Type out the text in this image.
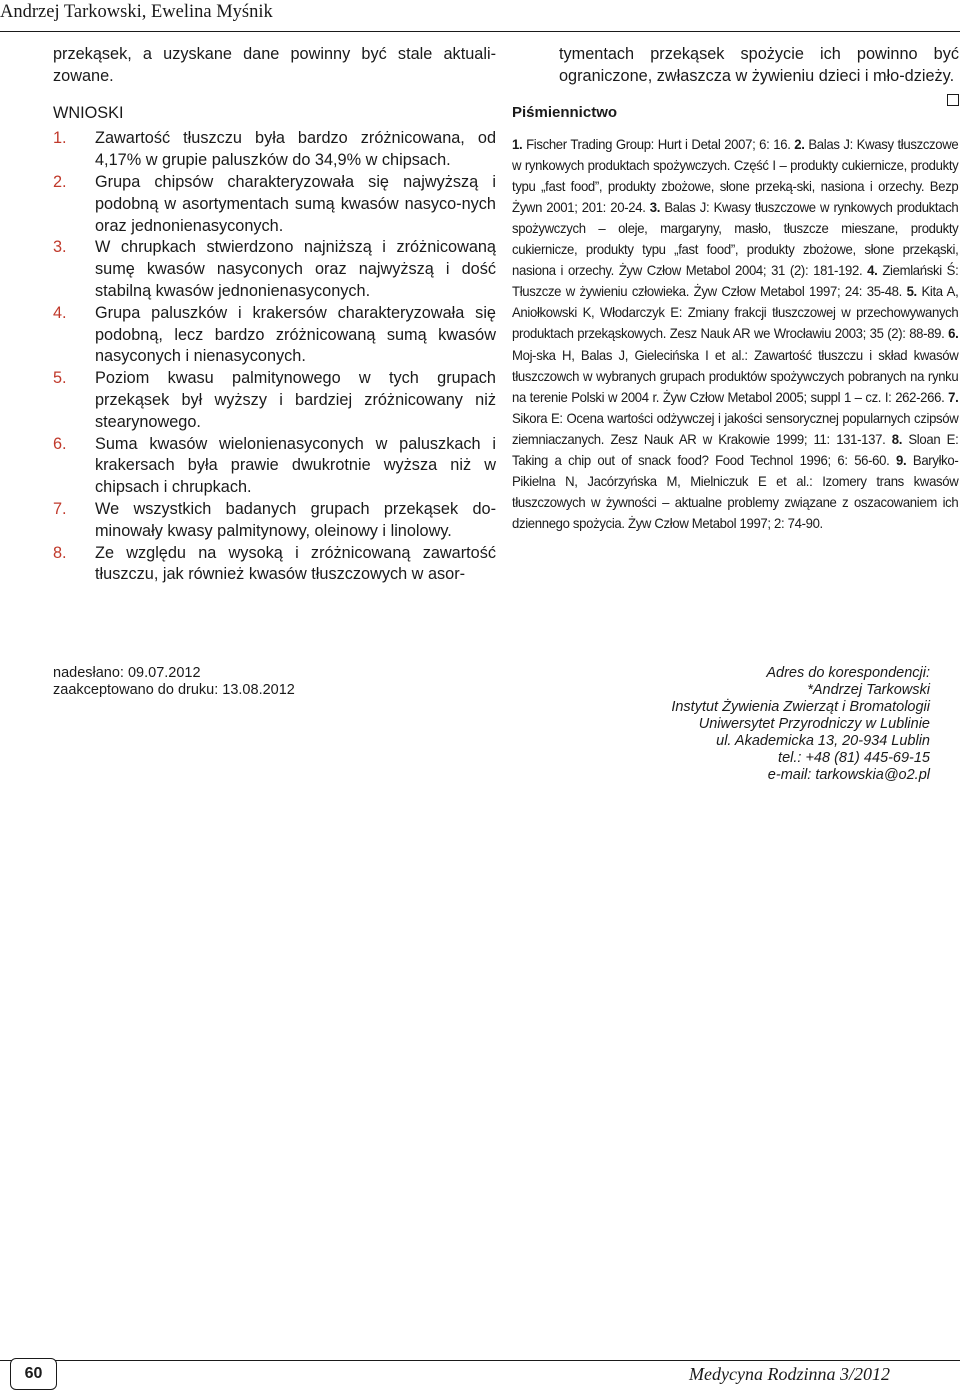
Andrzej Tarkowski, Ewelina Myśnik

przekąsek, a uzyskane dane powinny być stale aktuali-zowane.

WNIOSKI

1. Zawartość tłuszczu była bardzo zróżnicowana, od 4,17% w grupie paluszków do 34,9% w chipsach.
2. Grupa chipsów charakteryzowała się najwyższą i podobną w asortymentach sumą kwasów nasyco-nych oraz jednonienasyconych.
3. W chrupkach stwierdzono najniższą i zróżnicowaną sumę kwasów nasyconych oraz najwyższą i dość stabilną kwasów jednonienasyconych.
4. Grupa paluszków i krakersów charakteryzowała się podobną, lecz bardzo zróżnicowaną sumą kwasów nasyconych i nienasyconych.
5. Poziom kwasu palmitynowego w tych grupach przekąsek był wyższy i bardziej zróżnicowany niż stearynowego.
6. Suma kwasów wielonienasyconych w paluszkach i krakersach była prawie dwukrotnie wyższa niż w chipsach i chrupkach.
7. We wszystkich badanych grupach przekąsek do-minowały kwasy palmitynowy, oleinowy i linolowy.
8. Ze względu na wysoką i zróżnicowaną zawartość tłuszczu, jak również kwasów tłuszczowych w asor-

tymentach przekąsek spożycie ich powinno być ograniczone, zwłaszcza w żywieniu dzieci i mło-dzieży.

Piśmiennictwo
1. Fischer Trading Group: Hurt i Detal 2007; 6: 16. 2. Balas J: Kwasy tłuszczowe w rynkowych produktach spożywczych. Część I – produkty cukiernicze, produkty typu „fast food”, produkty zbożowe, słone przeką-ski, nasiona i orzechy. Bezp Żywn 2001; 201: 20-24. 3. Balas J: Kwasy tłuszczowe w rynkowych produktach spożywczych – oleje, margaryny, masło, tłuszcze mieszane, produkty cukiernicze, produkty typu „fast food”, produkty zbożowe, słone przekąski, nasiona i orzechy. Żyw Człow Metabol 2004; 31 (2): 181-192. 4. Ziemlański Ś: Tłuszcze w żywieniu człowieka. Żyw Człow Metabol 1997; 24: 35-48. 5. Kita A, Aniołkowski K, Włodarczyk E: Zmiany frakcji tłuszczowej w przechowywanych produktach przekąskowych. Zesz Nauk AR we Wrocławiu 2003; 35 (2): 88-89. 6. Moj-ska H, Balas J, Gielecińska I et al.: Zawartość tłuszczu i skład kwasów tłuszczowch w wybranych grupach produktów spożywczych pobranych na rynku na terenie Polski w 2004 r. Żyw Człow Metabol 2005; suppl 1 – cz. I: 262-266. 7. Sikora E: Ocena wartości odżywczej i jakości sensorycznej popularnych czipsów ziemniaczanych. Zesz Nauk AR w Krakowie 1999; 11: 131-137. 8. Sloan E: Taking a chip out of snack food? Food Technol 1996; 6: 56-60. 9. Baryłko-Pikielna N, Jacórzyńska M, Mielniczuk E et al.: Izomery trans kwasów tłuszczowych w żywności – aktualne problemy związane z oszacowaniem ich dziennego spożycia. Żyw Człow Metabol 1997; 2: 74-90.
nadesłano: 09.07.2012
zaakceptowano do druku: 13.08.2012
Adres do korespondencji:
*Andrzej Tarkowski
Instytut Żywienia Zwierząt i Bromatologii
Uniwersytet Przyrodniczy w Lublinie
ul. Akademicka 13, 20-934 Lublin
tel.: +48 (81) 445-69-15
e-mail: tarkowskia@o2.pl
60	Medycyna Rodzinna 3/2012
